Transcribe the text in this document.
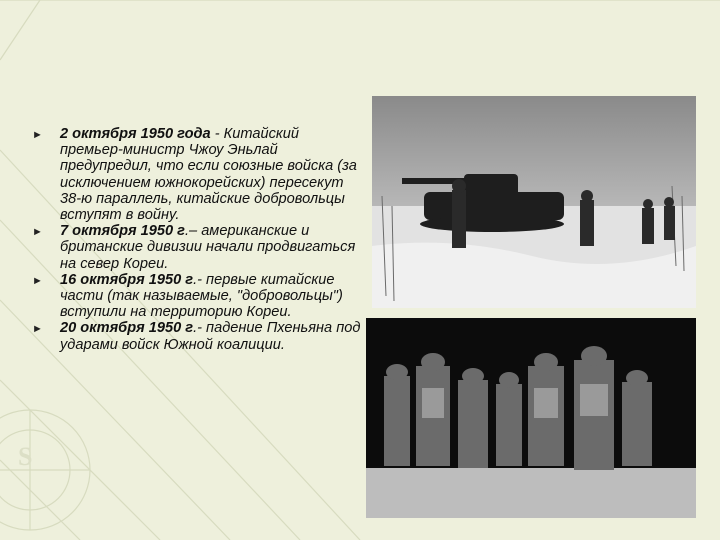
S
► 2 октября 1950 года - Китайский премьер-министр Чжоу Эньлай предупредил, что если союзные войска (за исключением южнокорейских) пересекут 38-ю параллель, китайские добровольцы вступят в войну.
► 7 октября 1950 г.– американские и британские дивизии начали продвигаться на север Кореи.
► 16 октября 1950 г.- первые китайские части (так называемые, "добровольцы") вступили на территорию Кореи.
► 20 октября 1950 г.- падение Пхеньяна под ударами войск Южной коалиции.
